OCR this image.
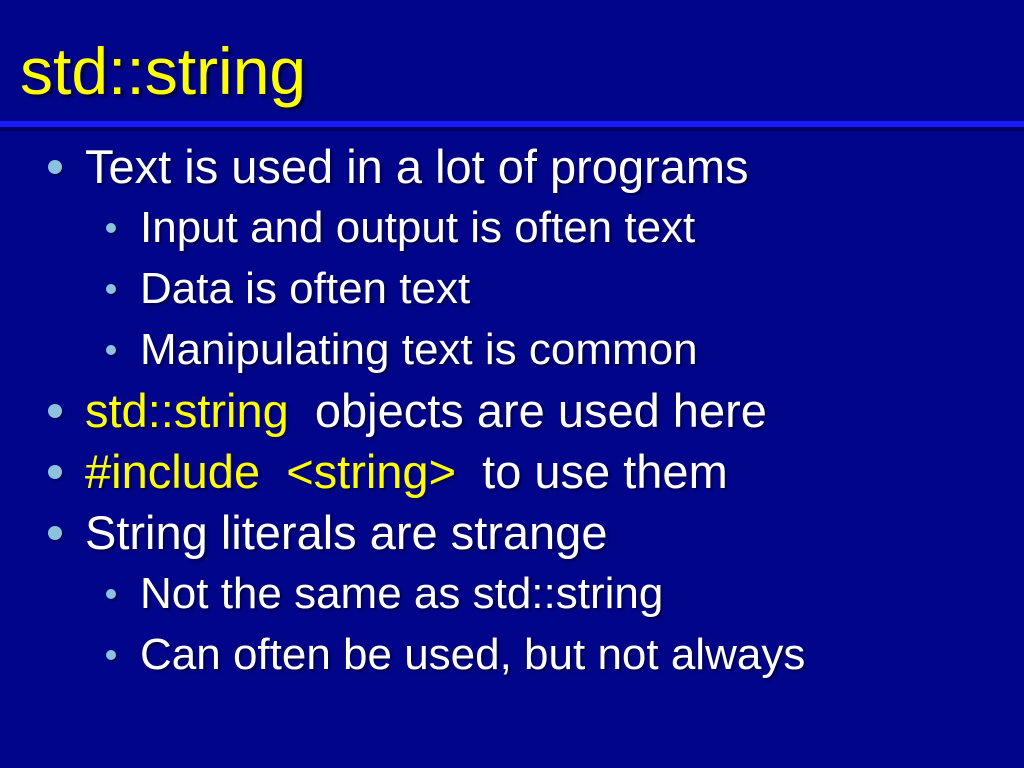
std::string
Text is used in a lot of programs
Input and output is often text
Data is often text
Manipulating text is common
std::string objects are used here
#include  <string> to use them
String literals are strange
Not the same as std::string
Can often be used, but not always
